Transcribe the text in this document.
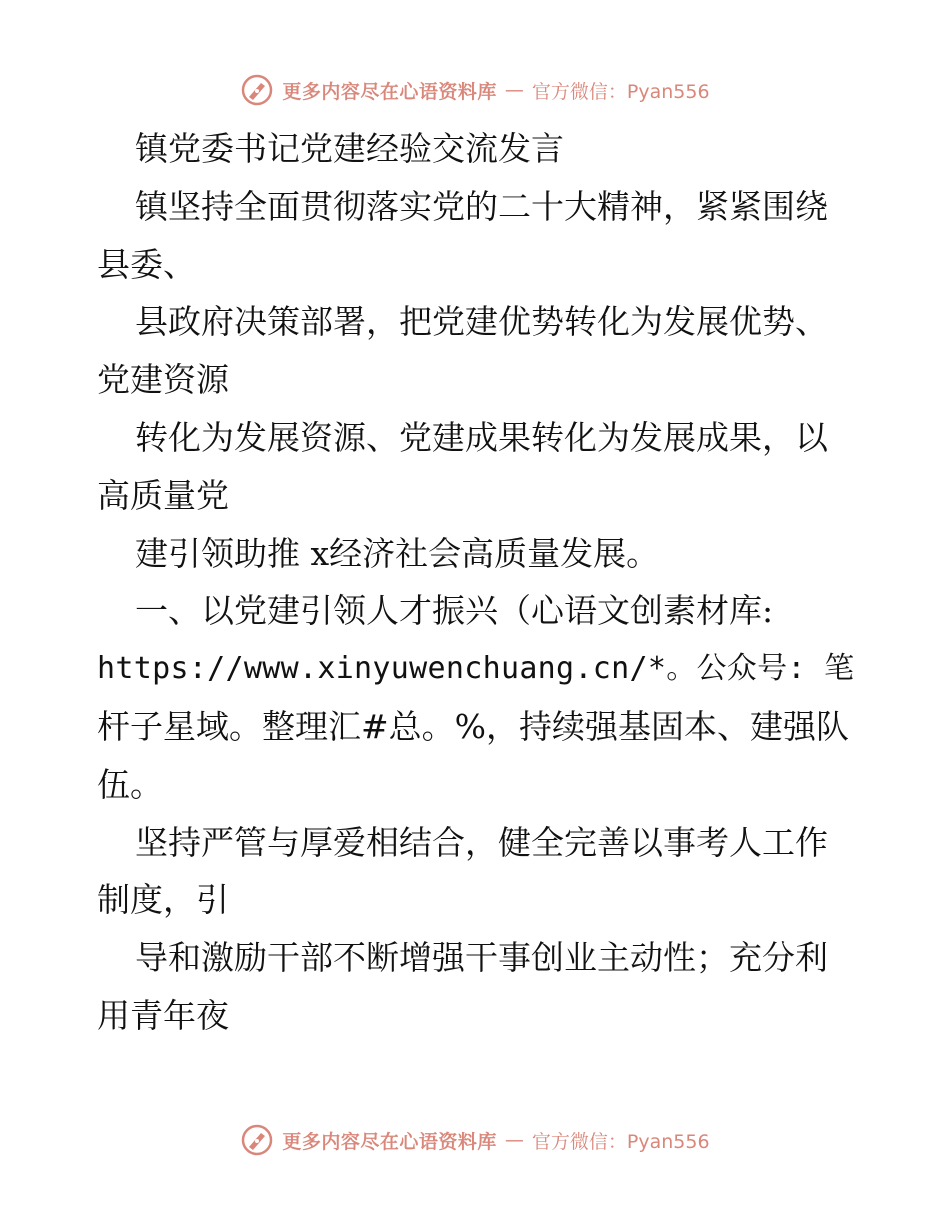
更多内容尽在心语资料库 — 官方微信：Pyan556
镇党委书记党建经验交流发言
镇坚持全面贯彻落实党的二十大精神，紧紧围绕
县委、
县政府决策部署，把党建优势转化为发展优势、
党建资源
转化为发展资源、党建成果转化为发展成果，以
高质量党
建引领助推 x经济社会高质量发展。
一、以党建引领人才振兴（心语文创素材库:
https://www.xinyuwenchuang.cn/*。公众号: 笔
杆子星域。整理汇#总。%，持续强基固本、建强队
伍。
坚持严管与厚爱相结合，健全完善以事考人工作
制度，引
导和激励干部不断增强干事创业主动性；充分利
用青年夜
更多内容尽在心语资料库 — 官方微信：Pyan556
